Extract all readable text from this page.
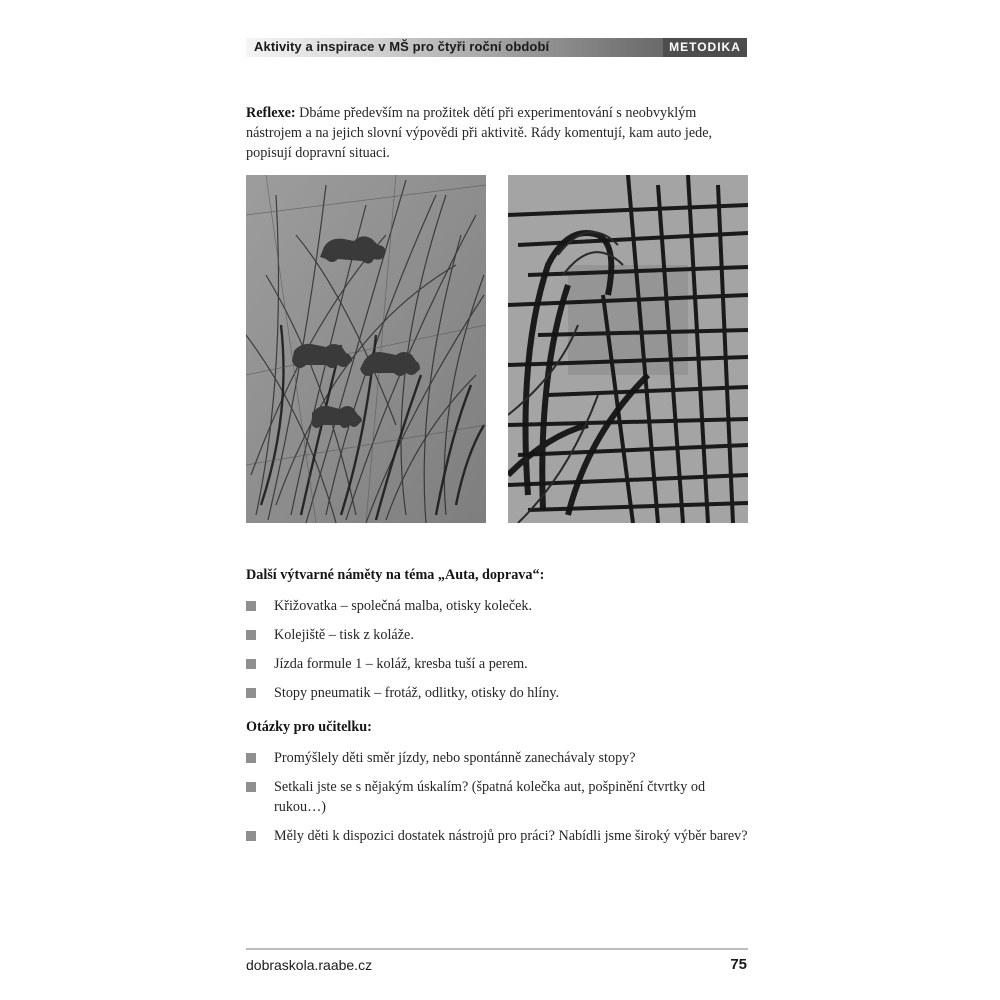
Aktivity a inspirace v MŠ pro čtyři roční období	METODIKA
Reflexe: Dbáme především na prožitek dětí při experimentování s neobvyklým nástrojem a na jejich slovní výpovědi při aktivitě. Rády komentují, kam auto jede, popisují dopravní situaci.
Další výtvarné náměty na téma „Auta, doprava“:
Křižovatka – společná malba, otisky koleček.
Kolejiště – tisk z koláže.
Jízda formule 1 – koláž, kresba tuší a perem.
Stopy pneumatik – frotáž, odlitky, otisky do hlíny.
Otázky pro učitelku:
Promýšlely děti směr jízdy, nebo spontánně zanechávaly stopy?
Setkali jste se s nějakým úskalím? (špatná kolečka aut, pošpinění čtvrtky od rukou…)
Měly děti k dispozici dostatek nástrojů pro práci? Nabídli jsme široký výběr barev?
dobraskola.raabe.cz	75
